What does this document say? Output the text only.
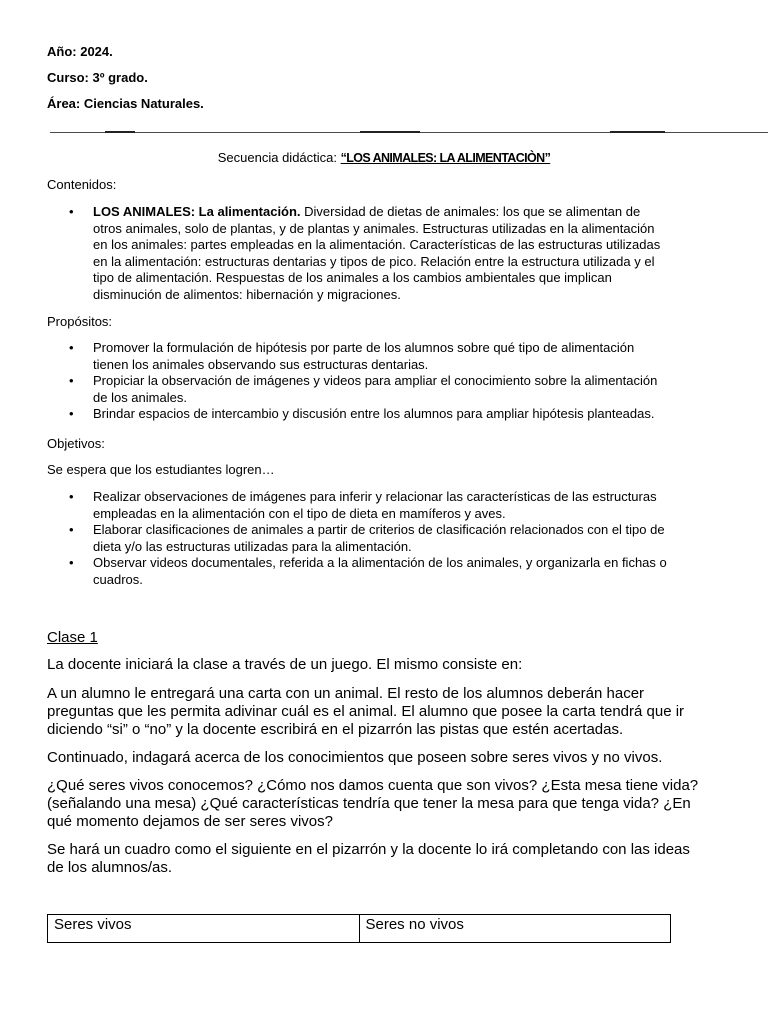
Año: 2024.
Curso: 3º grado.
Área: Ciencias Naturales.
Secuencia didáctica: “LOS ANIMALES: LA ALIMENTACIÒN”
Contenidos:
• LOS ANIMALES: La alimentación. Diversidad de dietas de animales: los que se alimentan de
otros animales, solo de plantas, y de plantas y animales. Estructuras utilizadas en la alimentación
en los animales: partes empleadas en la alimentación. Características de las estructuras utilizadas
en la alimentación: estructuras dentarias y tipos de pico. Relación entre la estructura utilizada y el
tipo de alimentación. Respuestas de los animales a los cambios ambientales que implican
disminución de alimentos: hibernación y migraciones.
Propósitos:
• Promover la formulación de hipótesis por parte de los alumnos sobre qué tipo de alimentación
tienen los animales observando sus estructuras dentarias.
• Propiciar la observación de imágenes y videos para ampliar el conocimiento sobre la alimentación
de los animales.
• Brindar espacios de intercambio y discusión entre los alumnos para ampliar hipótesis planteadas.
Objetivos:
Se espera que los estudiantes logren…
• Realizar observaciones de imágenes para inferir y relacionar las características de las estructuras
empleadas en la alimentación con el tipo de dieta en mamíferos y aves.
• Elaborar clasificaciones de animales a partir de criterios de clasificación relacionados con el tipo de
dieta y/o las estructuras utilizadas para la alimentación.
• Observar videos documentales, referida a la alimentación de los animales, y organizarla en fichas o
cuadros.
Clase 1
La docente iniciará la clase a través de un juego. El mismo consiste en:
A un alumno le entregará una carta con un animal. El resto de los alumnos deberán hacer
preguntas que les permita adivinar cuál es el animal. El alumno que posee la carta tendrá que ir
diciendo “si” o “no” y la docente escribirá en el pizarrón las pistas que estén acertadas.
Continuado, indagará acerca de los conocimientos que poseen sobre seres vivos y no vivos.
¿Qué seres vivos conocemos? ¿Cómo nos damos cuenta que son vivos? ¿Esta mesa tiene vida?
(señalando una mesa) ¿Qué características tendría que tener la mesa para que tenga vida? ¿En
qué momento dejamos de ser seres vivos?
Se hará un cuadro como el siguiente en el pizarrón y la docente lo irá completando con las ideas
de los alumnos/as.
Seres vivos	Seres no vivos
